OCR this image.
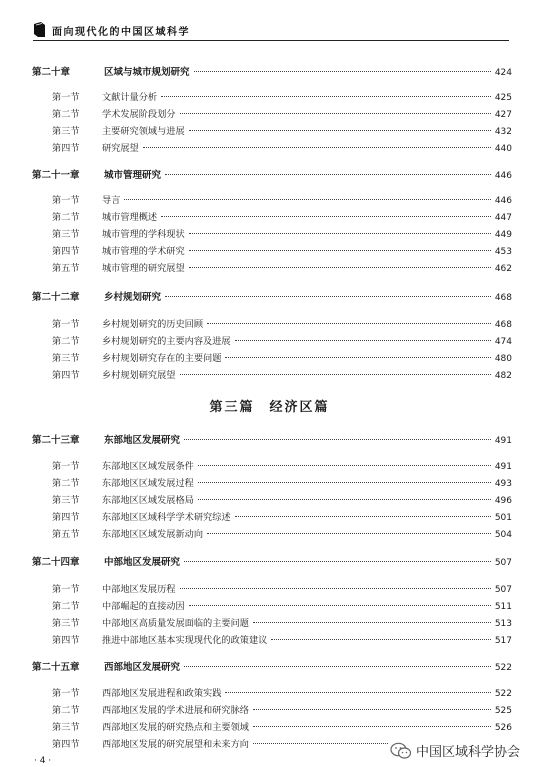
面向现代化的中国区域科学
第二十章	区域与城市规划研究	424
第一节	文献计量分析	425
第二节	学术发展阶段划分	427
第三节	主要研究领域与进展	432
第四节	研究展望	440
第二十一章	城市管理研究	446
第一节	导言	446
第二节	城市管理概述	447
第三节	城市管理的学科现状	449
第四节	城市管理的学术研究	453
第五节	城市管理的研究展望	462
第二十二章	乡村规划研究	468
第一节	乡村规划研究的历史回顾	468
第二节	乡村规划研究的主要内容及进展	474
第三节	乡村规划研究存在的主要问题	480
第四节	乡村规划研究展望	482
第三篇　经济区篇
第二十三章	东部地区发展研究	491
第一节	东部地区区域发展条件	491
第二节	东部地区区域发展过程	493
第三节	东部地区区域发展格局	496
第四节	东部地区区域科学学术研究综述	501
第五节	东部地区区域发展新动向	504
第二十四章	中部地区发展研究	507
第一节	中部地区发展历程	507
第二节	中部崛起的直接动因	511
第三节	中部地区高质量发展面临的主要问题	513
第四节	推进中部地区基本实现现代化的政策建议	517
第二十五章	西部地区发展研究	522
第一节	西部地区发展进程和政策实践	522
第二节	西部地区发展的学术进展和研究脉络	525
第三节	西部地区发展的研究热点和主要领域	526
第四节	西部地区发展的研究展望和未来方向
· 4 ·
中国区域科学协会
